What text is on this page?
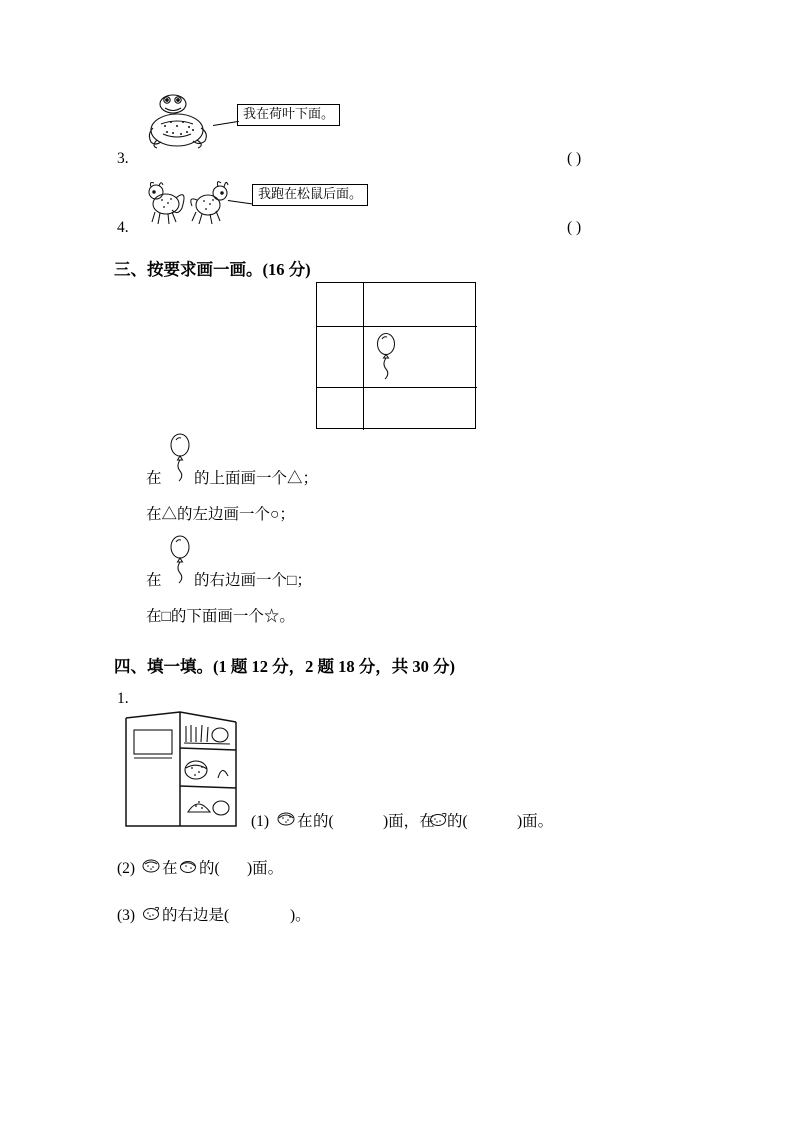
我在荷叶下面。
3.	( )
我跑在松鼠后面。
4.	( )
三、按要求画一画。(16 分)
在 的上面画一个△；
在△的左边画一个○；
在 的右边画一个□；
在□的下面画一个☆。
四、填一填。(1 题 12 分，2 题 18 分，共 30 分)
1.
(1) 在 的(	)面，在 的(	)面。
(2) 在 的( )面。
(3) 的右边是(	)。
